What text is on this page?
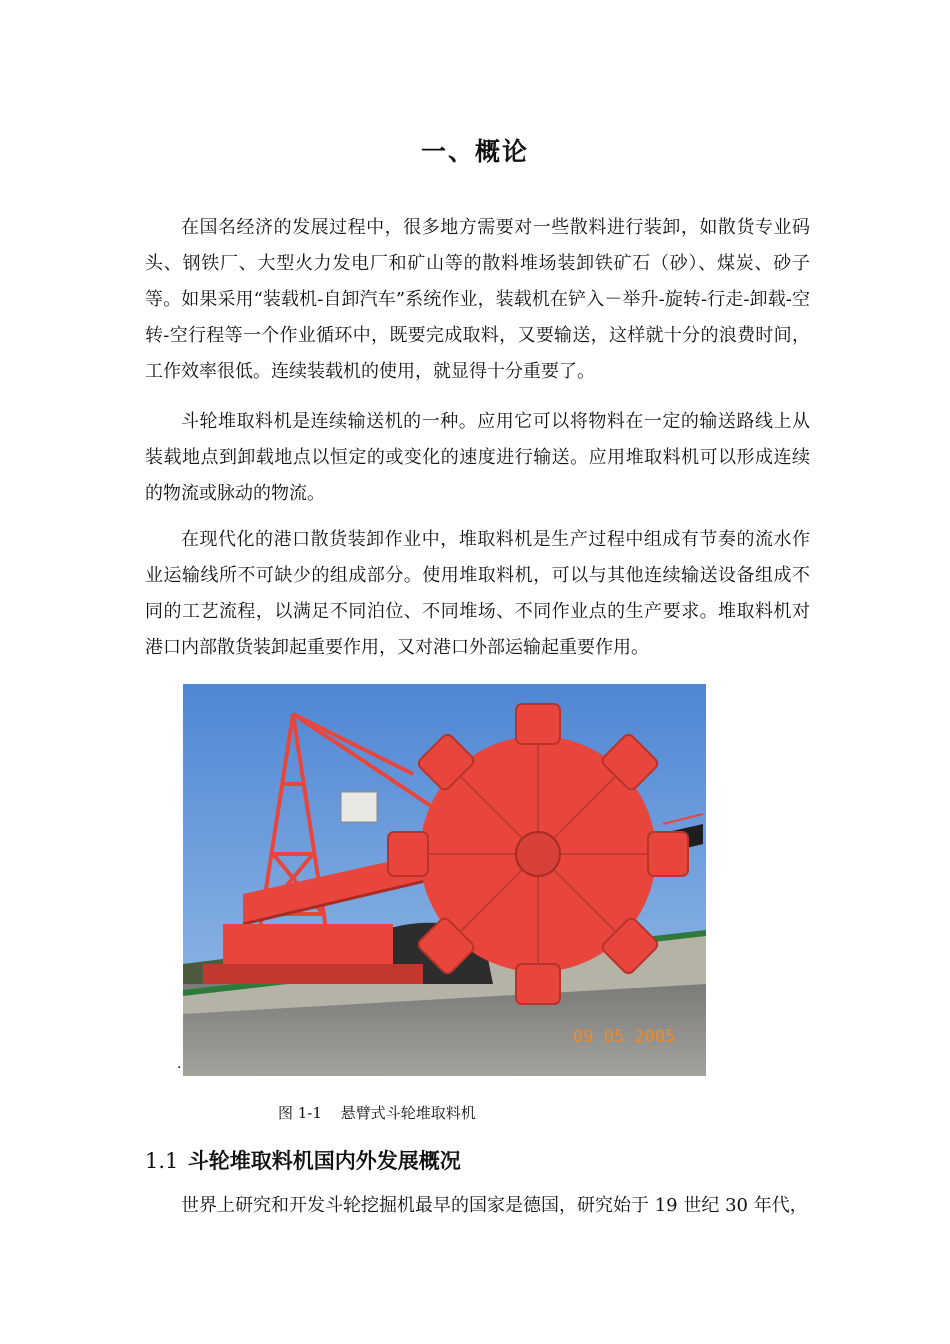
一、概论

在国名经济的发展过程中，很多地方需要对一些散料进行装卸，如散货专业码头、钢铁厂、大型火力发电厂和矿山等的散料堆场装卸铁矿石（砂）、煤炭、砂子等。如果采用“装载机-自卸汽车”系统作业，装载机在铲入－举升-旋转-行走-卸载-空转-空行程等一个作业循环中，既要完成取料，又要输送，这样就十分的浪费时间，工作效率很低。连续装载机的使用，就显得十分重要了。

斗轮堆取料机是连续输送机的一种。应用它可以将物料在一定的输送路线上从装载地点到卸载地点以恒定的或变化的速度进行输送。应用堆取料机可以形成连续的物流或脉动的物流。

在现代化的港口散货装卸作业中，堆取料机是生产过程中组成有节奏的流水作业运输线所不可缺少的组成部分。使用堆取料机，可以与其他连续输送设备组成不同的工艺流程，以满足不同泊位、不同堆场、不同作业点的生产要求。堆取料机对港口内部散货装卸起重要作用，又对港口外部运输起重要作用。

09 05 2005
.
图 1-1 悬臂式斗轮堆取料机
1.1 斗轮堆取料机国内外发展概况
世界上研究和开发斗轮挖掘机最早的国家是德国，研究始于 19 世纪 30 年代，
